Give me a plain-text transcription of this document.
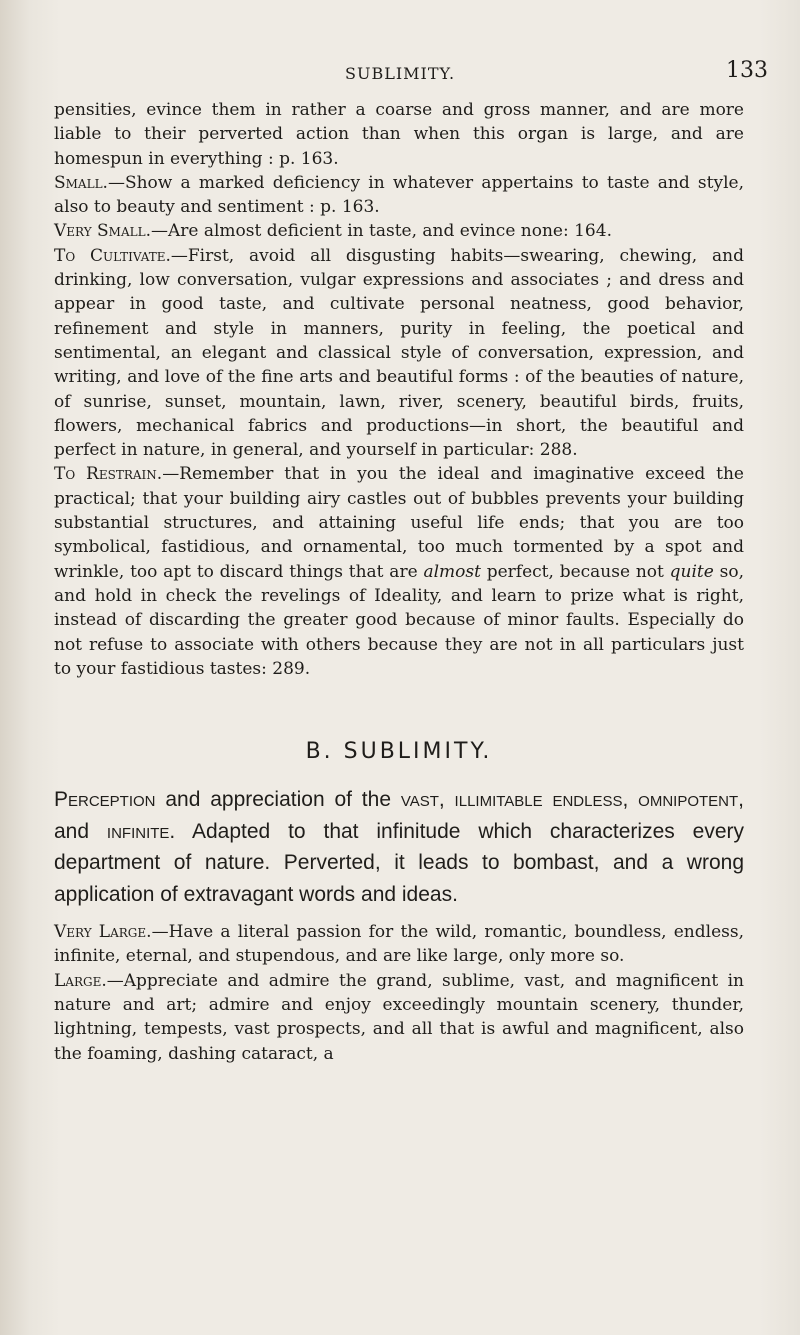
SUBLIMITY.	133

pensities, evince them in rather a coarse and gross manner, and are more liable to their perverted action than when this organ is large, and are homespun in everything : p. 163.

Small.—Show a marked deficiency in whatever appertains to taste and style, also to beauty and sentiment : p. 163.

Very Small.—Are almost deficient in taste, and evince none: 164.

To Cultivate.—First, avoid all disgusting habits—swearing, chewing, and drinking, low conversation, vulgar expressions and associates ; and dress and appear in good taste, and cultivate personal neatness, good behavior, refinement and style in manners, purity in feeling, the poetical and sentimental, an elegant and classical style of conversation, expression, and writing, and love of the fine arts and beautiful forms : of the beauties of nature, of sunrise, sunset, mountain, lawn, river, scenery, beautiful birds, fruits, flowers, mechanical fabrics and productions—in short, the beautiful and perfect in nature, in general, and yourself in particular: 288.

To Restrain.—Remember that in you the ideal and imaginative exceed the practical; that your building airy castles out of bubbles prevents your building substantial structures, and attaining useful life ends; that you are too symbolical, fastidious, and ornamental, too much tormented by a spot and wrinkle, too apt to discard things that are almost perfect, because not quite so, and hold in check the revelings of Ideality, and learn to prize what is right, instead of discarding the greater good because of minor faults. Especially do not refuse to associate with others because they are not in all particulars just to your fastidious tastes: 289.

B. SUBLIMITY.

Perception and appreciation of the vast, illimitable endless, omnipotent, and infinite. Adapted to that infinitude which characterizes every department of nature. Perverted, it leads to bombast, and a wrong application of extravagant words and ideas.

Very Large.—Have a literal passion for the wild, romantic, boundless, endless, infinite, eternal, and stupendous, and are like large, only more so.

Large.—Appreciate and admire the grand, sublime, vast, and magnificent in nature and art; admire and enjoy exceedingly mountain scenery, thunder, lightning, tempests, vast prospects, and all that is awful and magnificent, also the foaming, dashing cataract, a
